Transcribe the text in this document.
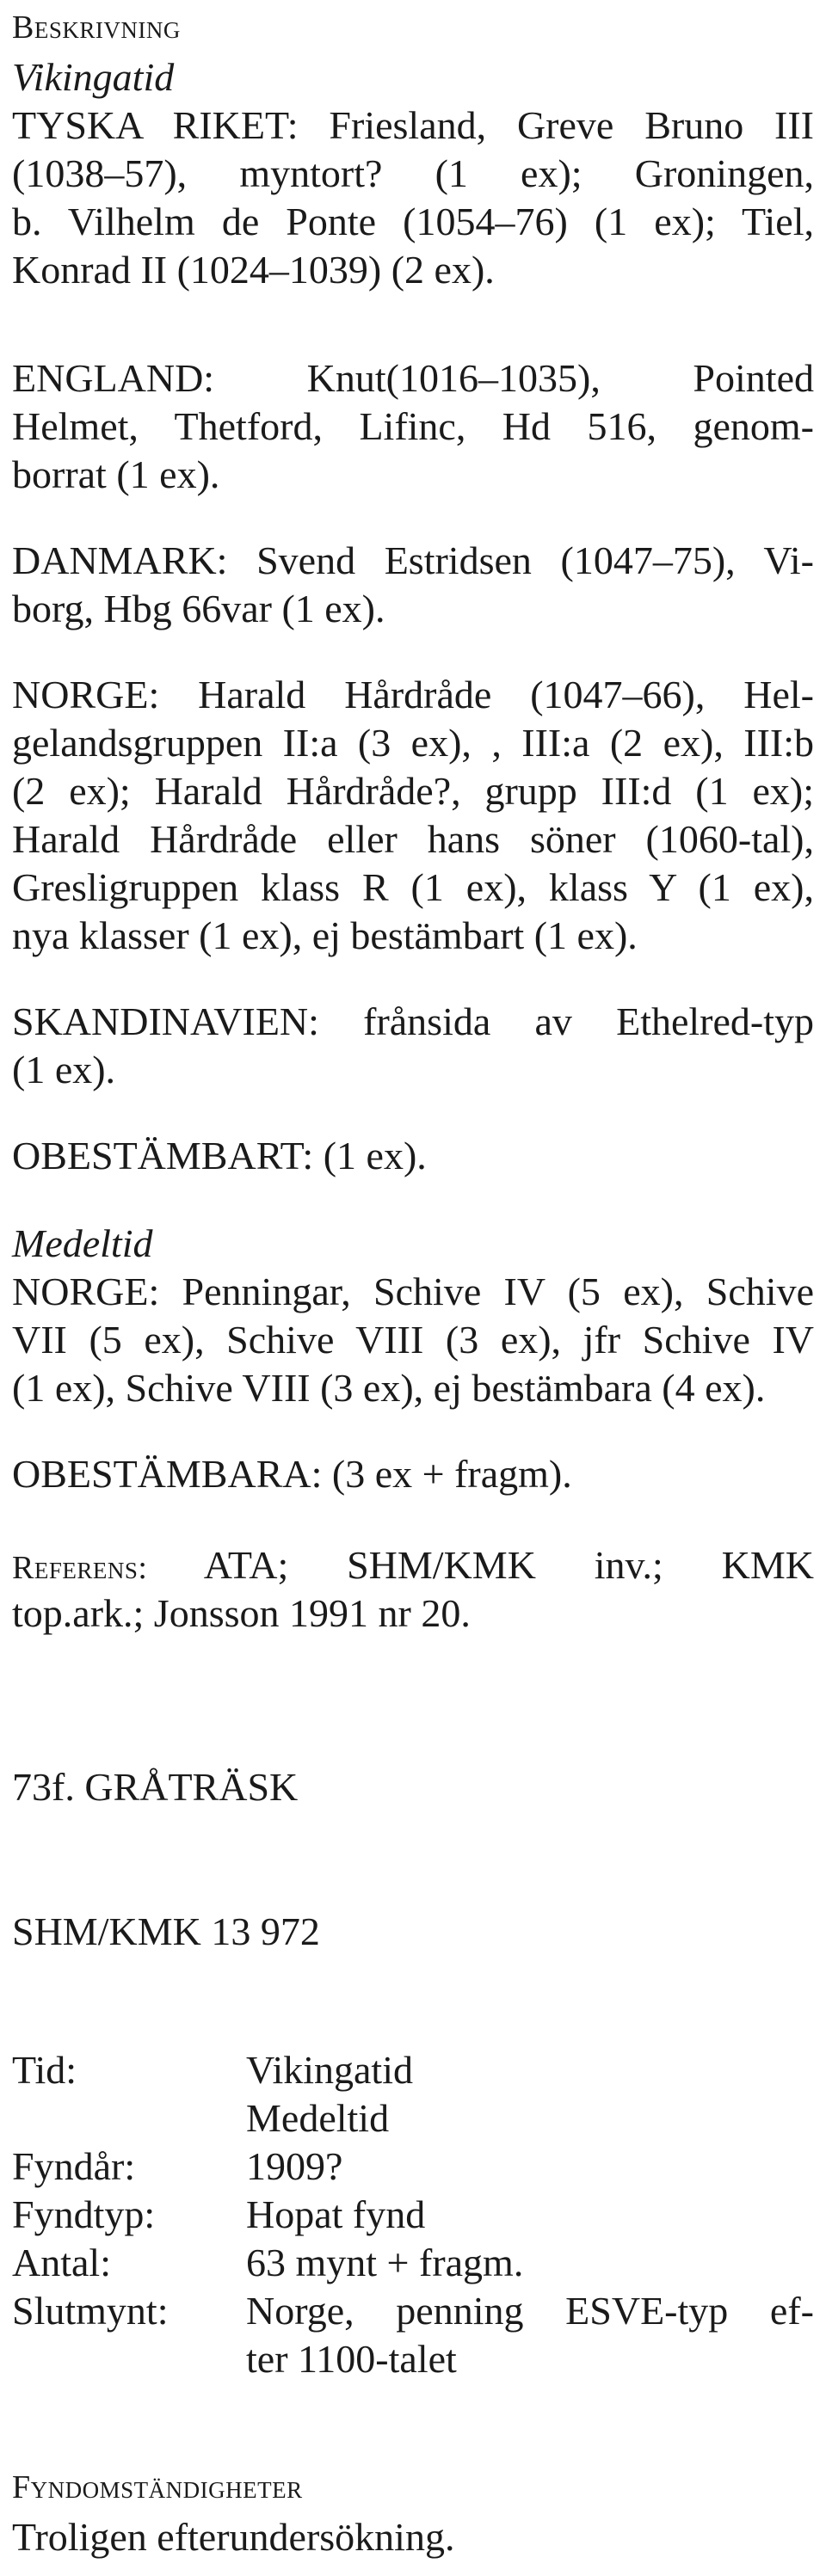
Beskrivning
Vikingatid
TYSKA RIKET: Friesland, Greve Bruno III
(1038–57), myntort? (1 ex); Groningen,
b. Vilhelm de Ponte (1054–76) (1 ex); Tiel,
Konrad II (1024–1039) (2 ex).
ENGLAND: Knut(1016–1035), Pointed
Helmet, Thetford, Lifinc, Hd 516, genom-
borrat (1 ex).
DANMARK: Svend Estridsen (1047–75), Vi-
borg, Hbg 66var (1 ex).
NORGE: Harald Hårdråde (1047–66), Hel-
gelandsgruppen II:a (3 ex), , III:a (2 ex), III:b
(2 ex); Harald Hårdråde?, grupp III:d (1 ex);
Harald Hårdråde eller hans söner (1060-tal),
Gresligruppen klass R (1 ex), klass Y (1 ex),
nya klasser (1 ex), ej bestämbart (1 ex).
SKANDINAVIEN: frånsida av Ethelred-typ
(1 ex).
OBESTÄMBART: (1 ex).
Medeltid
NORGE: Penningar, Schive IV (5 ex), Schive
VII (5 ex), Schive VIII (3 ex), jfr Schive IV
(1 ex), Schive VIII (3 ex), ej bestämbara (4 ex).
OBESTÄMBARA: (3 ex + fragm).
Referens: ATA; SHM/KMK inv.; KMK
top.ark.; Jonsson 1991 nr 20.
73f. GRÅTRÄSK
SHM/KMK 13 972
Tid:	Vikingatid
Medeltid
Fyndår:	1909?
Fyndtyp: Hopat fynd
Antal:	63 mynt + fragm.
Slutmynt: Norge, penning ESVE-typ ef-
ter 1100-talet
Fyndomständigheter
Troligen efterundersökning.
